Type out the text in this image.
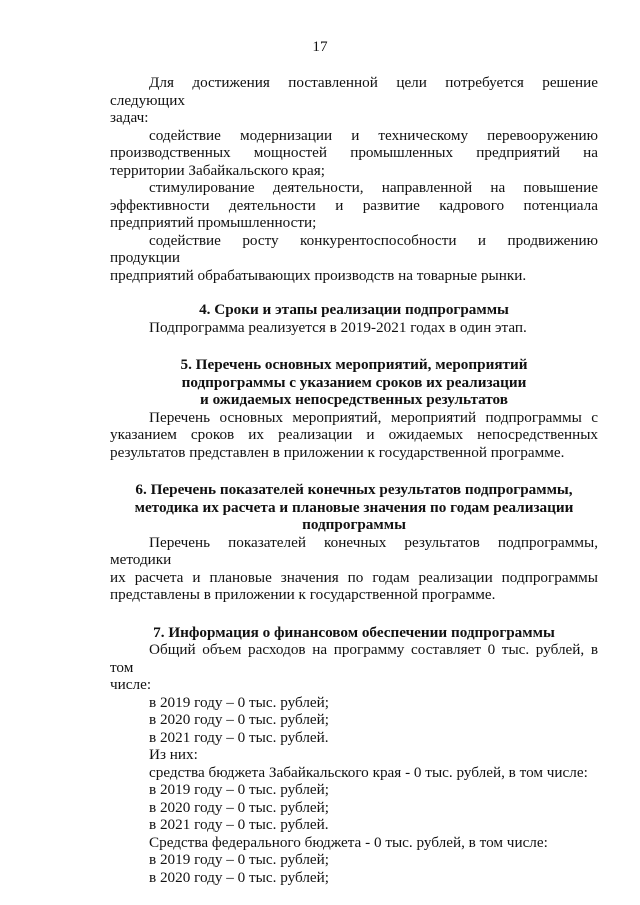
17

Для достижения поставленной цели потребуется решение следующих

задач:

содействие модернизации и техническому перевооружению

производственных мощностей промышленных предприятий на территории Забайкальского края;

стимулирование деятельности, направленной на повышение

эффективности деятельности и развитие кадрового потенциала предприятий промышленности;

содействие росту конкурентоспособности и продвижению продукции

предприятий обрабатывающих производств на товарные рынки.

4. Сроки и этапы реализации подпрограммы

Подпрограмма реализуется в 2019-2021 годах в один этап.

5. Перечень основных мероприятий, мероприятий
подпрограммы с указанием сроков их реализации
и ожидаемых непосредственных результатов

Перечень основных мероприятий, мероприятий подпрограммы с

указанием сроков их реализации и ожидаемых непосредственных

результатов представлен в приложении к государственной программе.

6. Перечень показателей конечных результатов подпрограммы,
методика их расчета и плановые значения по годам реализации
подпрограммы

Перечень показателей конечных результатов подпрограммы, методики

их расчета и плановые значения по годам реализации подпрограммы

представлены в приложении к государственной программе.

7. Информация о финансовом обеспечении подпрограммы

Общий объем расходов на программу составляет 0 тыс. рублей, в том

числе:

в 2019 году – 0 тыс. рублей;

в 2020 году – 0 тыс. рублей;

в 2021 году – 0 тыс. рублей.

Из них:

средства бюджета Забайкальского края - 0 тыс. рублей, в том числе:

в 2019 году – 0 тыс. рублей;

в 2020 году – 0 тыс. рублей;

в 2021 году – 0 тыс. рублей.

Средства федерального бюджета - 0 тыс. рублей, в том числе:

в 2019 году – 0 тыс. рублей;

в 2020 году – 0 тыс. рублей;
